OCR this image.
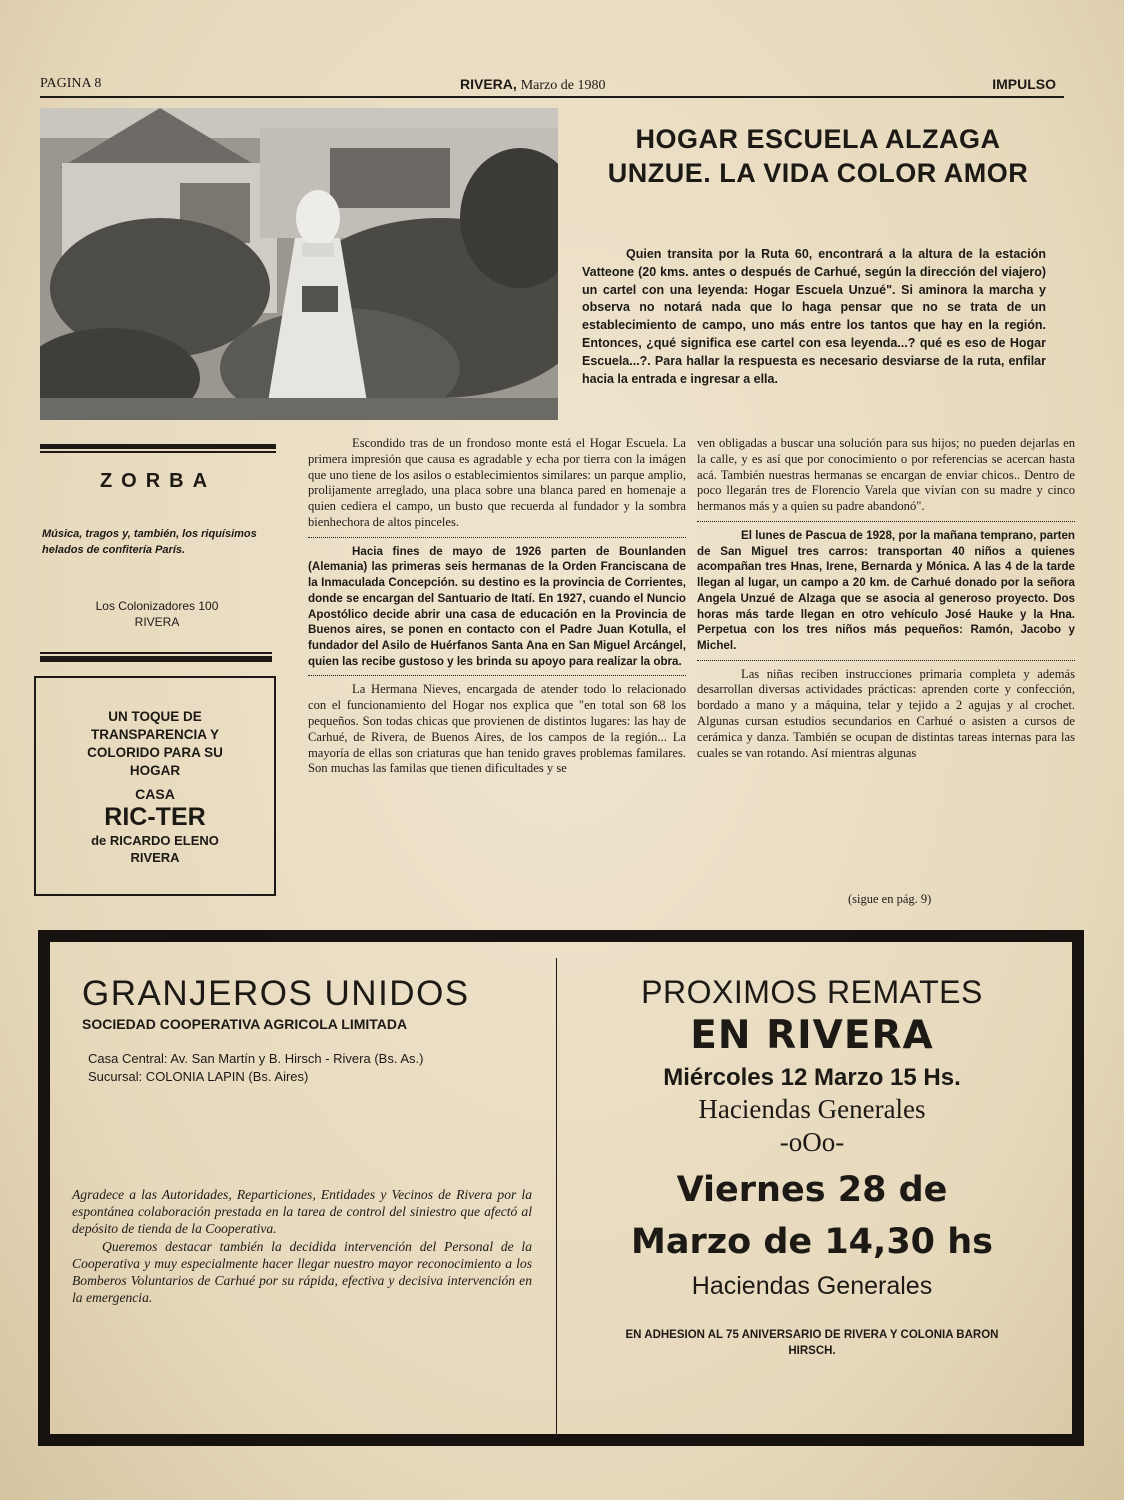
PAGINA 8	RIVERA, Marzo de 1980	IMPULSO
HOGAR ESCUELA ALZAGA
UNZUE. LA VIDA COLOR AMOR
Quien transita por la Ruta 60, encontrará a la altura de la estación Vatteone (20 kms. antes o después de Carhué, según la dirección del viajero) un cartel con una leyenda: Hogar Escuela Unzué". Si aminora la marcha y observa no notará nada que lo haga pensar que no se trata de un establecimiento de campo, uno más entre los tantos que hay en la región. Entonces, ¿qué significa ese cartel con esa leyenda...? qué es eso de Hogar Escuela...?. Para hallar la respuesta es necesario desviarse de la ruta, enfilar hacia la entrada e ingresar a ella.

Escondido tras de un frondoso monte está el Hogar Escuela. La primera impresión que causa es agradable y echa por tierra con la imágen que uno tiene de los asilos o establecimientos similares: un parque amplio, prolijamente arreglado, una placa sobre una blanca pared en homenaje a quien cediera el campo, un busto que recuerda al fundador y la sombra bienhechora de altos pinceles.

Hacia fines de mayo de 1926 parten de Bounlanden (Alemania) las primeras seis hermanas de la Orden Franciscana de la Inmaculada Concepción. su destino es la provincia de Corrientes, donde se encargan del Santuario de Itatí. En 1927, cuando el Nuncio Apostólico decide abrir una casa de educación en la Provincia de Buenos aires, se ponen en contacto con el Padre Juan Kotulla, el fundador del Asilo de Huérfanos Santa Ana en San Miguel Arcángel, quien las recibe gustoso y les brinda su apoyo para realizar la obra.

La Hermana Nieves, encargada de atender todo lo relacionado con el funcionamiento del Hogar nos explica que "en total son 68 los pequeños. Son todas chicas que provienen de distintos lugares: las hay de Carhué, de Rivera, de Buenos Aires, de los campos de la región... La mayoría de ellas son criaturas que han tenido graves problemas familares. Son muchas las familas que tienen dificultades y se

ven obligadas a buscar una solución para sus hijos; no pueden dejarlas en la calle, y es así que por conocimiento o por referencias se acercan hasta acá. También nuestras hermanas se encargan de enviar chicos.. Dentro de poco llegarán tres de Florencio Varela que vivían con su madre y cinco hermanos más y a quien su padre abandonó".

El lunes de Pascua de 1928, por la mañana temprano, parten de San Miguel tres carros: transportan 40 niños a quienes acompañan tres Hnas, Irene, Bernarda y Mónica. A las 4 de la tarde llegan al lugar, un campo a 20 km. de Carhué donado por la señora Angela Unzué de Alzaga que se asocia al generoso proyecto. Dos horas más tarde llegan en otro vehículo José Hauke y la Hna. Perpetua con los tres niños más pequeños: Ramón, Jacobo y Michel.

Las niñas reciben instrucciones primaria completa y además desarrollan diversas actividades prácticas: aprenden corte y confección, bordado a mano y a máquina, telar y tejido a 2 agujas y al crochet. Algunas cursan estudios secundarios en Carhué o asisten a cursos de cerámica y danza. También se ocupan de distintas tareas internas para las cuales se van rotando. Así mientras algunas

(sigue en pág. 9)
ZORBA
Música, tragos y, también, los riquísimos helados de confitería París.
Los Colonizadores 100
RIVERA
UN TOQUE DE TRANSPARENCIA Y COLORIDO PARA SU HOGAR
CASA
RIC-TER
de RICARDO ELENO
RIVERA
GRANJEROS UNIDOS
SOCIEDAD COOPERATIVA AGRICOLA LIMITADA
Casa Central: Av. San Martín y B. Hirsch - Rivera (Bs. As.)
Sucursal: COLONIA LAPIN (Bs. Aires)

Agradece a las Autoridades, Reparticiones, Entidades y Vecinos de Rivera por la espontánea colaboración prestada en la tarea de control del siniestro que afectó al depósito de tienda de la Cooperativa.

Queremos destacar también la decidida intervención del Personal de la Cooperativa y muy especialmente hacer llegar nuestro mayor reconocimiento a los Bomberos Voluntarios de Carhué por su rápida, efectiva y decisiva intervención en la emergencia.

PROXIMOS REMATES
EN RIVERA
Miércoles 12 Marzo 15 Hs.
Haciendas Generales
-oOo-
Viernes 28 de
Marzo de 14,30 hs
Haciendas Generales
EN ADHESION AL 75 ANIVERSARIO DE RIVERA Y COLONIA BARON HIRSCH.
